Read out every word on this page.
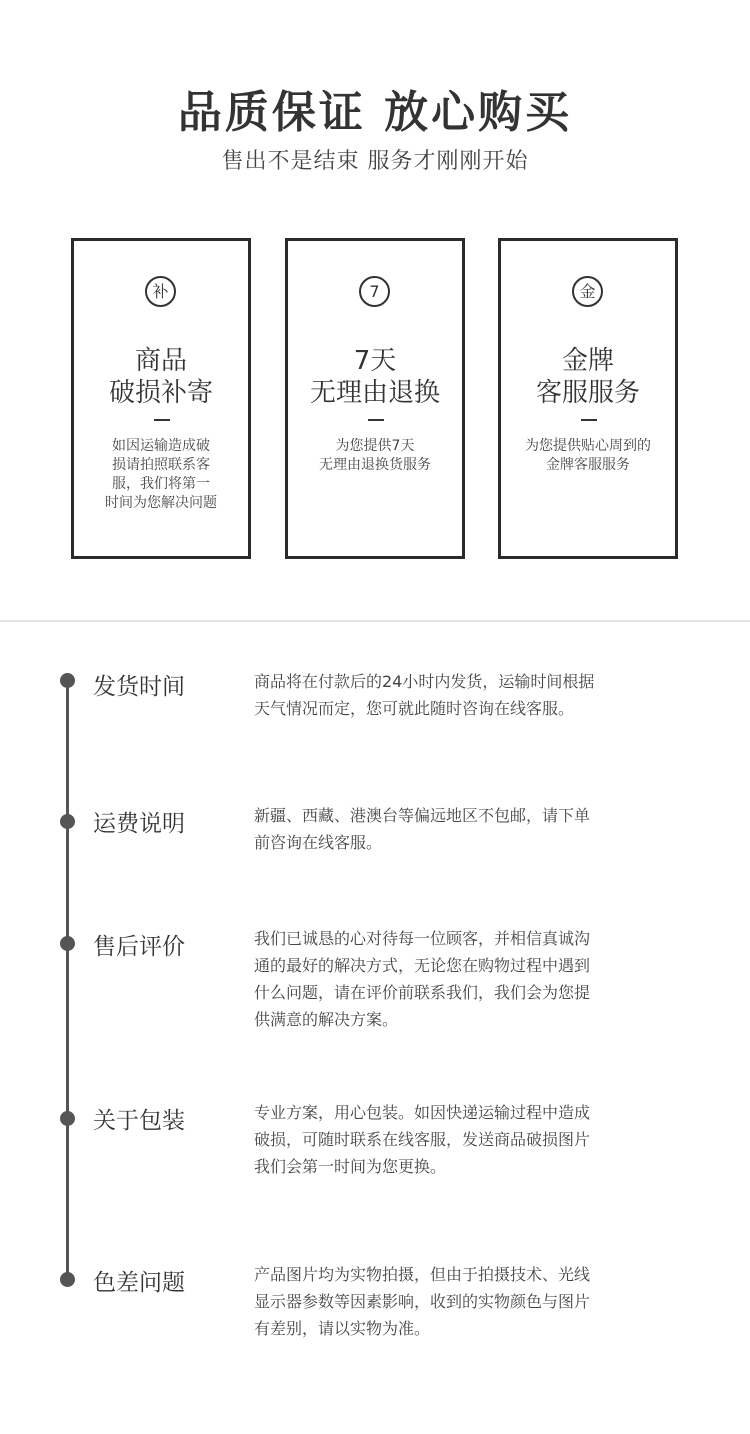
品质保证 放心购买
售出不是结束 服务才刚刚开始
补
商品
破损补寄
如因运输造成破
损请拍照联系客
服，我们将第一
时间为您解决问题
7
7天
无理由退换
为您提供7天
无理由退换货服务
金
金牌
客服服务
为您提供贴心周到的
金牌客服服务
发货时间	商品将在付款后的24小时内发货，运输时间根据
天气情况而定，您可就此随时咨询在线客服。
运费说明	新疆、西藏、港澳台等偏远地区不包邮，请下单
前咨询在线客服。
售后评价	我们已诚恳的心对待每一位顾客，并相信真诚沟
通的最好的解决方式，无论您在购物过程中遇到
什么问题，请在评价前联系我们，我们会为您提
供满意的解决方案。
关于包装	专业方案，用心包装。如因快递运输过程中造成
破损，可随时联系在线客服，发送商品破损图片
我们会第一时间为您更换。
色差问题	产品图片均为实物拍摄，但由于拍摄技术、光线
显示器参数等因素影响，收到的实物颜色与图片
有差别，请以实物为准。
